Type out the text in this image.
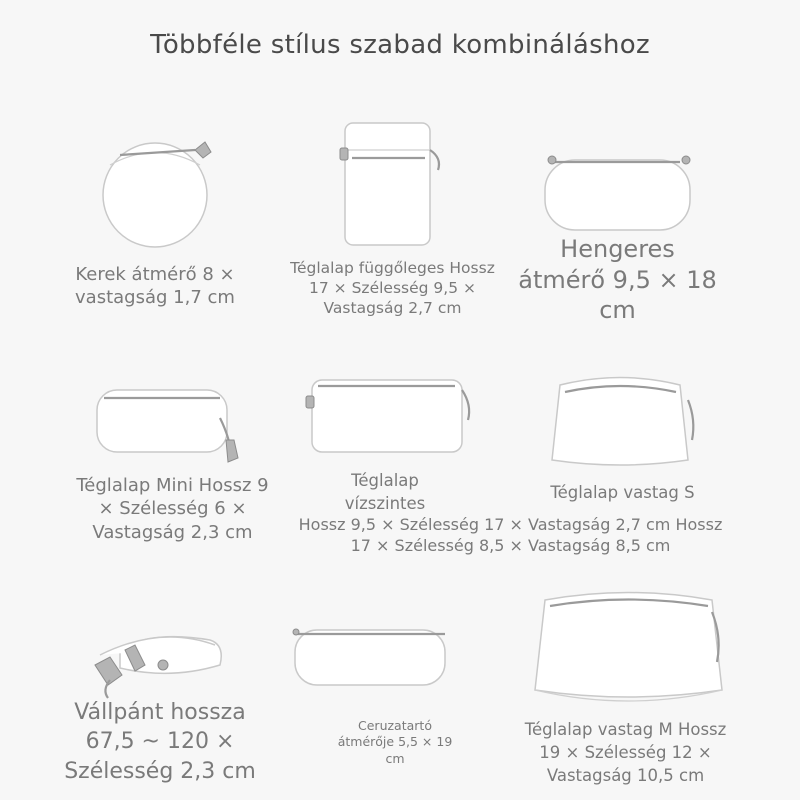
Többféle stílus szabad kombináláshoz
Kerek átmérő 8 × vastagság 1,7 cm
Téglalap függőleges Hossz 17 × Szélesség 9,5 × Vastagság 2,7 cm
Hengeres átmérő 9,5 × 18 cm
Téglalap Mini Hossz 9 × Szélesség 6 × Vastagság 2,3 cm
Téglalap vízszintes
Téglalap vastag S
Hossz 9,5 × Szélesség 17 × Vastagság 2,7 cm Hossz 17 × Szélesség 8,5 × Vastagság 8,5 cm
Vállpánt hossza 67,5 ~ 120 × Szélesség 2,3 cm
Ceruzatartó átmérője 5,5 × 19 cm
Téglalap vastag M Hossz 19 × Szélesség 12 × Vastagság 10,5 cm
